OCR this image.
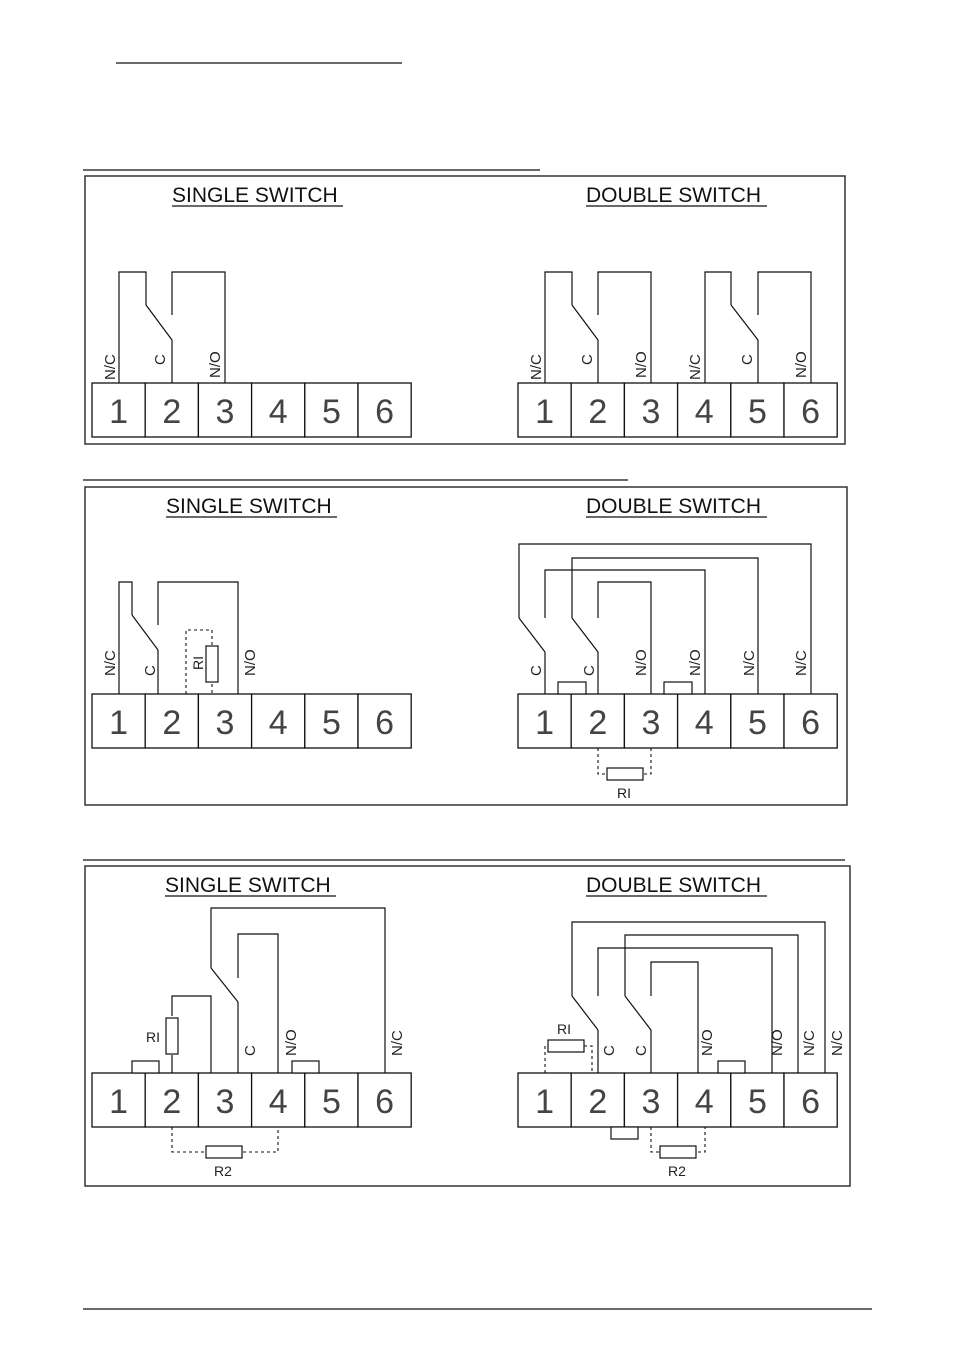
SINGLE SWITCH	DOUBLE SWITCH
1 2 3 4 5 6	1 2 3 4 5 6
N/C C	N/O	N/C C N/O N/C C N/O
SINGLE SWITCH	DOUBLE SWITCH
1 2 3 4 5 6	1 2 3 4 5 6
RI
N/C C	N/O
RI
C C N/O N/O N/C N/C
SINGLE SWITCH	DOUBLE SWITCH
1 2 3 4 5 6	1 2 3 4 5 6
RI
R2
C N/O	N/C
RI
R2
C C	N/O	N/O N/C N/C
